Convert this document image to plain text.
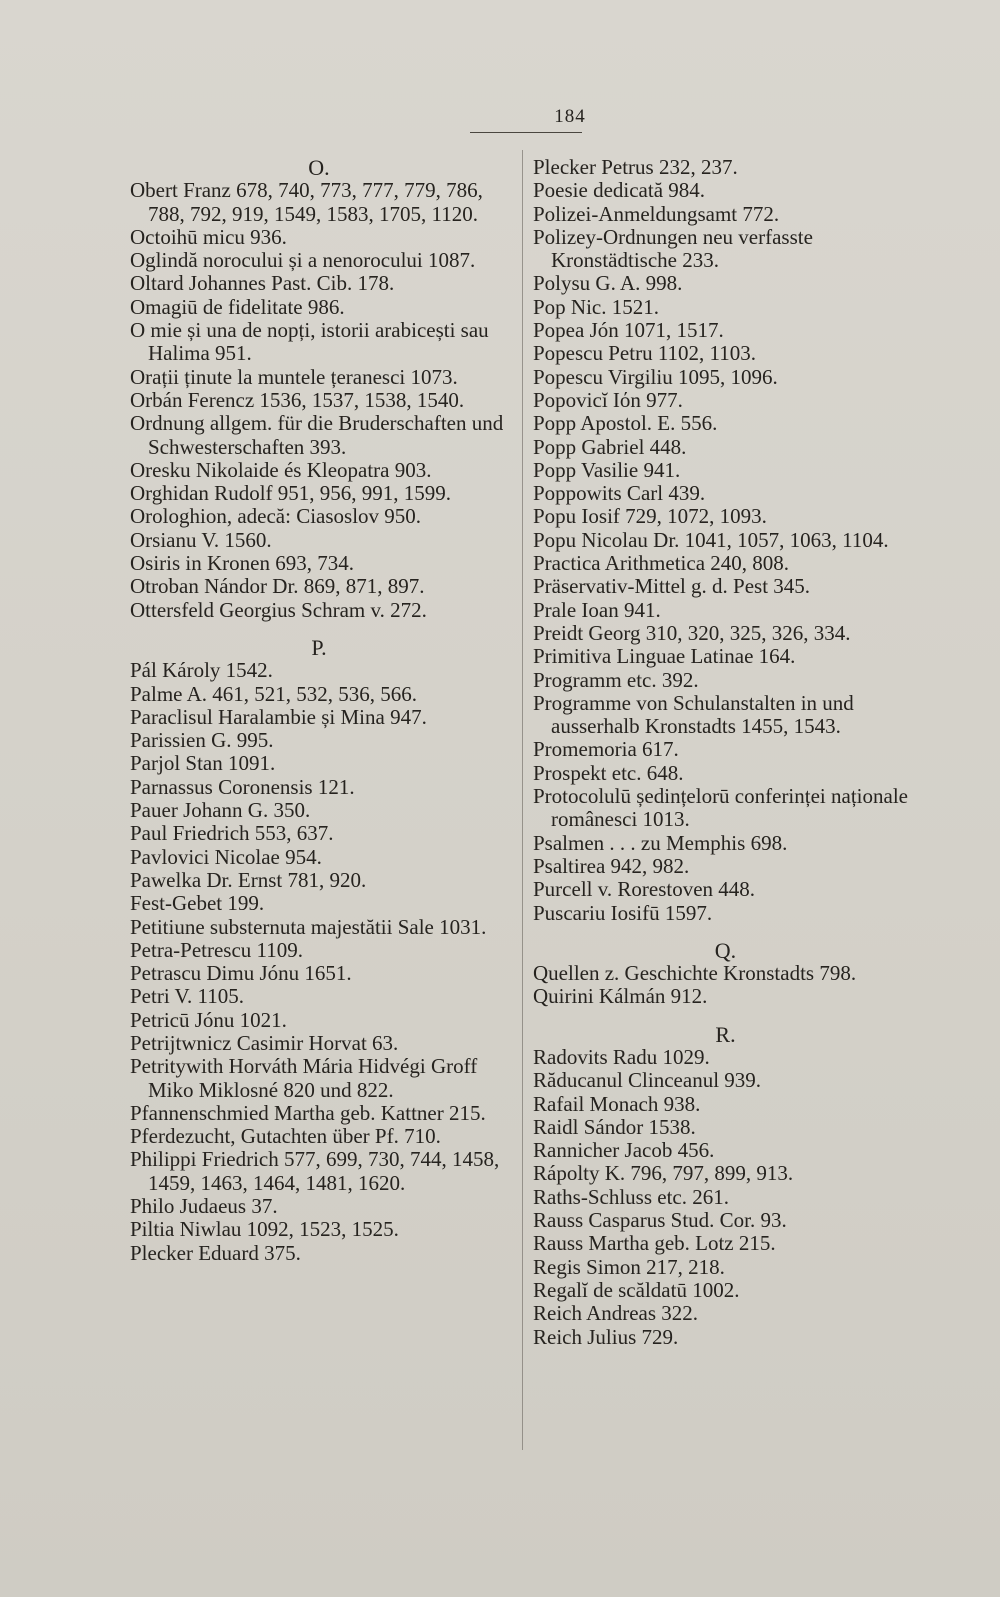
184

O.

Obert Franz 678, 740, 773, 777, 779, 786, 788, 792, 919, 1549, 1583, 1705, 1120.

Octoihū micu 936.

Oglindă norocului și a nenorocului 1087.

Oltard Johannes Past. Cib. 178.

Omagiū de fidelitate 986.

O mie și una de nopți, istorii arabicești sau Halima 951.

Orații ținute la muntele țeranesci 1073.

Orbán Ferencz 1536, 1537, 1538, 1540.

Ordnung allgem. für die Bruderschaften und Schwesterschaften 393.

Oresku Nikolaide és Kleopatra 903.

Orghidan Rudolf 951, 956, 991, 1599.

Orologhion, adecă: Ciasoslov 950.

Orsianu V. 1560.

Osiris in Kronen 693, 734.

Otroban Nándor Dr. 869, 871, 897.

Ottersfeld Georgius Schram v. 272.

P.

Pál Károly 1542.

Palme A. 461, 521, 532, 536, 566.

Paraclisul Haralambie și Mina 947.

Parissien G. 995.

Parjol Stan 1091.

Parnassus Coronensis 121.

Pauer Johann G. 350.

Paul Friedrich 553, 637.

Pavlovici Nicolae 954.

Pawelka Dr. Ernst 781, 920.

Fest-Gebet 199.

Petitiune substernuta majestătii Sale 1031.

Petra-Petrescu 1109.

Petrascu Dimu Jónu 1651.

Petri V. 1105.

Petricū Jónu 1021.

Petrijtwnicz Casimir Horvat 63.

Petritywith Horváth Mária Hidvégi Groff Miko Miklosné 820 und 822.

Pfannenschmied Martha geb. Kattner 215.

Pferdezucht, Gutachten über Pf. 710.

Philippi Friedrich 577, 699, 730, 744, 1458, 1459, 1463, 1464, 1481, 1620.

Philo Judaeus 37.

Piltia Niwlau 1092, 1523, 1525.

Plecker Eduard 375.

Plecker Petrus 232, 237.

Poesie dedicată 984.

Polizei-Anmeldungsamt 772.

Polizey-Ordnungen neu verfasste Kronstädtische 233.

Polysu G. A. 998.

Pop Nic. 1521.

Popea Jón 1071, 1517.

Popescu Petru 1102, 1103.

Popescu Virgiliu 1095, 1096.

Popovicĭ Iόn 977.

Popp Apostol. E. 556.

Popp Gabriel 448.

Popp Vasilie 941.

Poppowits Carl 439.

Popu Iosif 729, 1072, 1093.

Popu Nicolau Dr. 1041, 1057, 1063, 1104.

Practica Arithmetica 240, 808.

Präservativ-Mittel g. d. Pest 345.

Prale Ioan 941.

Preidt Georg 310, 320, 325, 326, 334.

Primitiva Linguae Latinae 164.

Programm etc. 392.

Programme von Schulanstalten in und ausserhalb Kronstadts 1455, 1543.

Promemoria 617.

Prospekt etc. 648.

Protocolulū ședințelorū conferinței naționale românesci 1013.

Psalmen . . . zu Memphis 698.

Psaltirea 942, 982.

Purcell v. Rorestoven 448.

Puscariu Iosifū 1597.

Q.

Quellen z. Geschichte Kronstadts 798.

Quirini Kálmán 912.

R.

Radovits Radu 1029.

Răducanul Clinceanul 939.

Rafail Monach 938.

Raidl Sándor 1538.

Rannicher Jacob 456.

Rápolty K. 796, 797, 899, 913.

Raths-Schluss etc. 261.

Rauss Casparus Stud. Cor. 93.

Rauss Martha geb. Lotz 215.

Regis Simon 217, 218.

Regalĭ de scăldatū 1002.

Reich Andreas 322.

Reich Julius 729.
